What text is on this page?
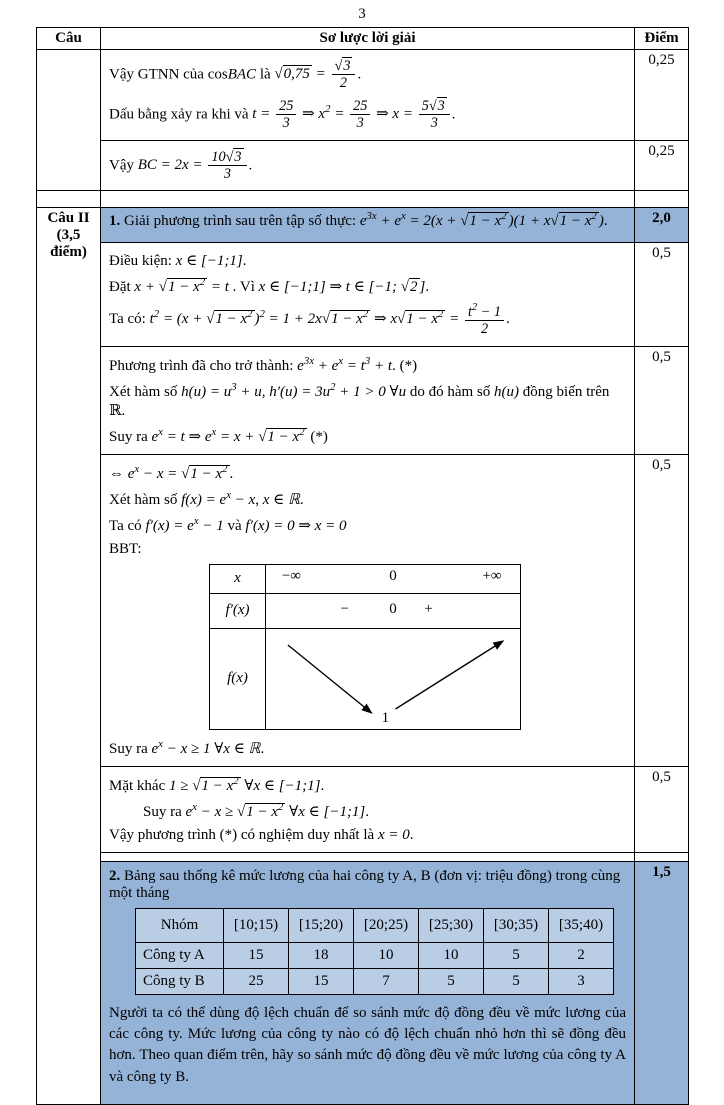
3
Câu	Sơ lược lời giải	Điểm

Vậy GTNN của cosBAC là $√0,75 = \frac{√3}{2}$ .
Dấu bằng xảy ra khi và $t = \frac{25}{3}$ ⇒ $x^2 = \frac{25}{3}$ ⇒ $x = \frac{5√3}{3}$ .
	0,25

Vậy BC = $2x = \frac{10√3}{3}$ .
	0,25

Câu II
(3,5 điểm)
	1. Giải phương trình sau trên tập số thực: $e^{3x} + e^x = 2(x + √1 - x^2$ )($1 + x√1 - x^2$ ).	2,0

Điều kiện: x ∈ [−1;1].
Đặt $x + √1 - x^2 = t$ . Vì x ∈ [−1;1] ⇒ t ∈ [−1; √2 ].
Ta có: $t^2 = (x + √1 - x^2$ )$^2 = 1 + 2x√1 - x^2$ ⇒ $x√1 - x^2 = \frac{t^2 - 1}{2}$ .
	0,5

Phương trình đã cho trở thành: $e^{3x} + e^x = t^3 + t$. (*)
Xét hàm số $h(u) = u^3 + u$, $h'(u) = 3u^2 + 1 > 0$ ∀u do đó hàm số h(u) đồng biến trên ℝ.
Suy ra $e^x = t$ ⇒ $e^x = x + √1 - x^2$ (*)
	0,5

⇔ $e^x - x = √1 - x^2$ .
Xét hàm số $f(x) = e^x - x$, x ∈ ℝ.
Ta có $f'(x) = e^x - 1$ và f′(x) = 0 ⇒ x = 0
BBT:
x	−∞	0	+∞
f′(x)	−	0 +
f(x)
1
Suy ra $e^x - x \ge 1$ ∀x ∈ ℝ.
	0,5

Mặt khác $1 \ge √1 - x^2$ ∀x ∈ [−1;1].
Suy ra $e^x - x \ge √1 - x^2$ ∀x ∈ [−1;1].
Vậy phương trình (*) có nghiệm duy nhất là x = 0.
	0,5

2. Bảng sau thống kê mức lương của hai công ty A, B (đơn vị: triệu đồng) trong cùng một tháng
Nhóm	[10;15)	[15;20)	[20;25)	[25;30)	[30;35)	[35;40)
Công ty A	15	18	10	10	5	2
Công ty B	25	15	7	5	5	3
Người ta có thể dùng độ lệch chuẩn để so sánh mức độ đồng đều về mức lương của các công ty. Mức lương của công ty nào có độ lệch chuẩn nhỏ hơn thì sẽ đồng đều hơn. Theo quan điểm trên, hãy so sánh mức độ đồng đều về mức lương của công ty A và công ty B.
	1,5
